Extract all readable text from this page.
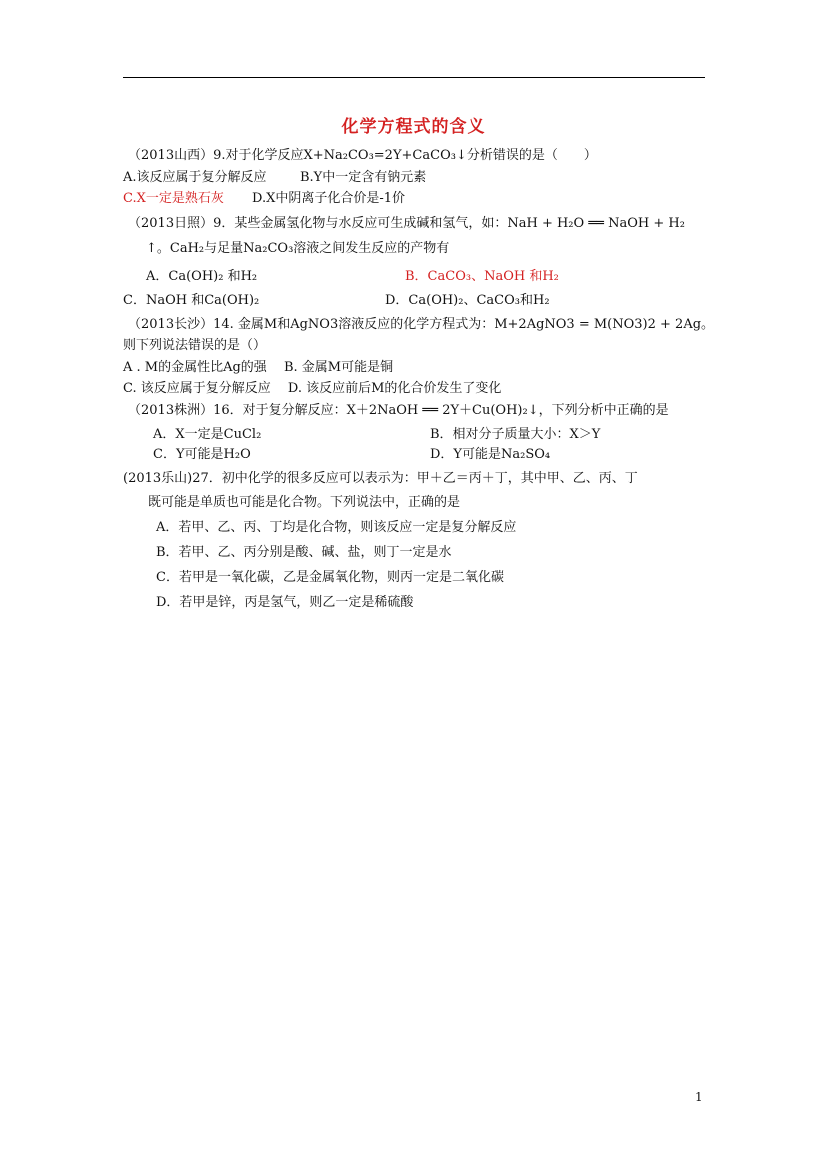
化学方程式的含义
（2013山西）9.对于化学反应X+Na₂CO₃=2Y+CaCO₃↓分析错误的是（　　）
A.该反应属于复分解反应	B.Y中一定含有钠元素
C.X一定是熟石灰 D.X中阴离子化合价是-1价
（2013日照）9．某些金属氢化物与水反应可生成碱和氢气，如：NaH + H₂O ══ NaOH + H₂
↑。CaH₂与足量Na₂CO₃溶液之间发生反应的产物有
A．Ca(OH)₂ 和H₂	B．CaCO₃、NaOH 和H₂
C．NaOH 和Ca(OH)₂	D．Ca(OH)₂、CaCO₃和H₂
（2013长沙）14. 金属M和AgNO3溶液反应的化学方程式为：M+2AgNO3 = M(NO3)2 + 2Ag。
则下列说法错误的是（）
A . M的金属性比Ag的强　 B. 金属M可能是铜
C. 该反应属于复分解反应　 D. 该反应前后M的化合价发生了变化
（2013株洲）16．对于复分解反应：X＋2NaOH ══ 2Y＋Cu(OH)₂↓，下列分析中正确的是
A．X一定是CuCl₂	B．相对分子质量大小：X＞Y
C．Y可能是H₂O	D．Y可能是Na₂SO₄
(2013乐山)27．初中化学的很多反应可以表示为：甲＋乙＝丙＋丁，其中甲、乙、丙、丁
既可能是单质也可能是化合物。下列说法中，正确的是
A．若甲、乙、丙、丁均是化合物，则该反应一定是复分解反应
B．若甲、乙、丙分别是酸、碱、盐，则丁一定是水
C．若甲是一氧化碳，乙是金属氧化物，则丙一定是二氧化碳
D．若甲是锌，丙是氢气，则乙一定是稀硫酸
1
